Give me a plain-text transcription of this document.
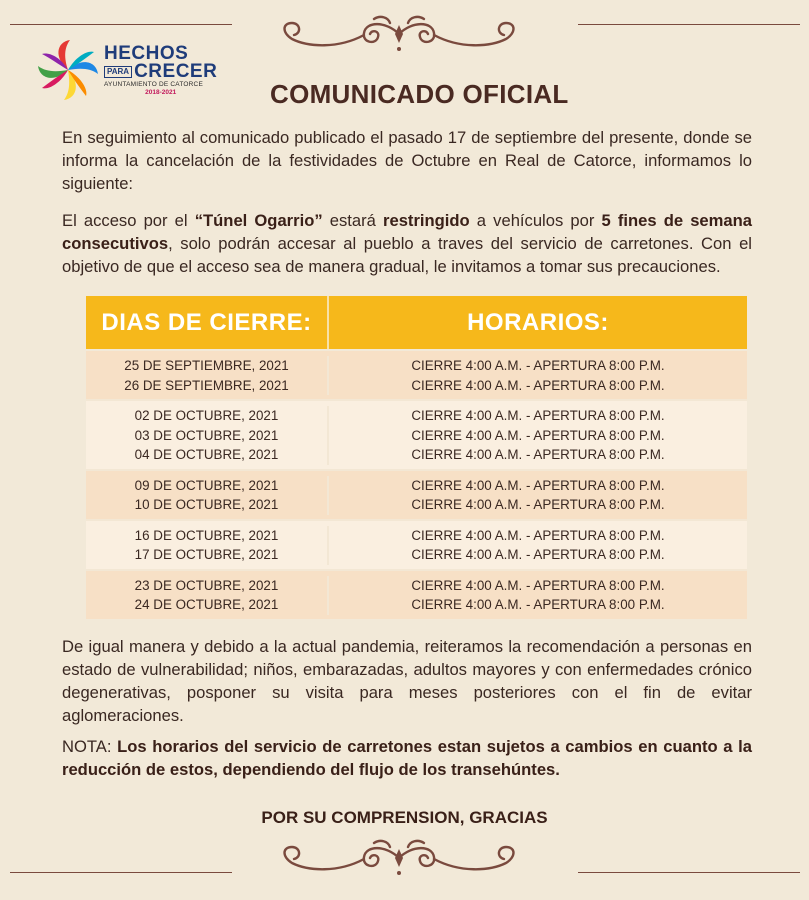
HECHOS
PARA CRECER
AYUNTAMIENTO DE CATORCE
2018-2021	COMUNICADO OFICIAL

En seguimiento al comunicado publicado el pasado 17 de septiembre del presente, donde se informa la cancelación de la festividades de Octubre en Real de Catorce, informamos lo siguiente:

El acceso por el “Túnel Ogarrio” estará restringido a vehículos por 5 fines de semana consecutivos, solo podrán accesar al pueblo a traves del servicio de carretones. Con el objetivo de que el acceso sea de manera gradual, le invitamos a tomar sus precauciones.

DIAS DE CIERRE:	HORARIOS:
25 DE SEPTIEMBRE, 2021
26 DE SEPTIEMBRE, 2021
CIERRE 4:00 A.M. - APERTURA 8:00 P.M.
CIERRE 4:00 A.M. - APERTURA 8:00 P.M.
02 DE OCTUBRE, 2021
03 DE OCTUBRE, 2021
04 DE OCTUBRE, 2021
CIERRE 4:00 A.M. - APERTURA 8:00 P.M.
CIERRE 4:00 A.M. - APERTURA 8:00 P.M.
CIERRE 4:00 A.M. - APERTURA 8:00 P.M.
09 DE OCTUBRE, 2021
10 DE OCTUBRE, 2021
CIERRE 4:00 A.M. - APERTURA 8:00 P.M.
CIERRE 4:00 A.M. - APERTURA 8:00 P.M.
16 DE OCTUBRE, 2021
17 DE OCTUBRE, 2021
CIERRE 4:00 A.M. - APERTURA 8:00 P.M.
CIERRE 4:00 A.M. - APERTURA 8:00 P.M.
23 DE OCTUBRE, 2021
24 DE OCTUBRE, 2021
CIERRE 4:00 A.M. - APERTURA 8:00 P.M.
CIERRE 4:00 A.M. - APERTURA 8:00 P.M.

De igual manera y debido a la actual pandemia, reiteramos la recomendación a personas en estado de vulnerabilidad; niños, embarazadas, adultos mayores y con enfermedades crónico degenerativas, posponer su visita para meses posteriores con el fin de evitar aglomeraciones.

NOTA: Los horarios del servicio de carretones estan sujetos a cambios en cuanto a la reducción de estos, dependiendo del flujo de los transehúntes.

POR SU COMPRENSION, GRACIAS
